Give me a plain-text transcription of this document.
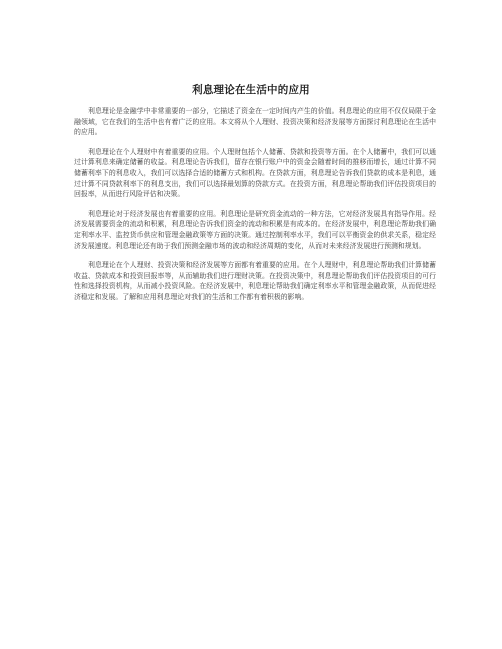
利息理论在生活中的应用

利息理论是金融学中非常重要的一部分，它描述了资金在一定时间内产生的价值。利息理论的应用不仅仅局限于金融领域，它在我们的生活中也有着广泛的应用。本文将从个人理财、投资决策和经济发展等方面探讨利息理论在生活中的应用。

利息理论在个人理财中有着重要的应用。个人理财包括个人储蓄、贷款和投资等方面。在个人储蓄中，我们可以通过计算利息来确定储蓄的收益。利息理论告诉我们，留存在银行账户中的资金会随着时间的推移而增长，通过计算不同储蓄利率下的利息收入，我们可以选择合适的储蓄方式和机构。在贷款方面，利息理论告诉我们贷款的成本是利息，通过计算不同贷款利率下的利息支出，我们可以选择最划算的贷款方式。在投资方面，利息理论帮助我们评估投资项目的回报率，从而进行风险评估和决策。

利息理论对于经济发展也有着重要的应用。利息理论是研究资金流动的一种方法，它对经济发展具有指导作用。经济发展需要资金的流动和积累，利息理论告诉我们资金的流动和积累是有成本的。在经济发展中，利息理论帮助我们确定利率水平、监控货币供应和管理金融政策等方面的决策。通过控制利率水平，我们可以平衡资金的供求关系，稳定经济发展速度。利息理论还有助于我们预测金融市场的波动和经济周期的变化，从而对未来经济发展进行预测和规划。

利息理论在个人理财、投资决策和经济发展等方面都有着重要的应用。在个人理财中，利息理论帮助我们计算储蓄收益、贷款成本和投资回报率等，从而辅助我们进行理财决策。在投资决策中，利息理论帮助我们评估投资项目的可行性和选择投资机构，从而减小投资风险。在经济发展中，利息理论帮助我们确定利率水平和管理金融政策，从而促进经济稳定和发展。了解和应用利息理论对我们的生活和工作都有着积极的影响。
